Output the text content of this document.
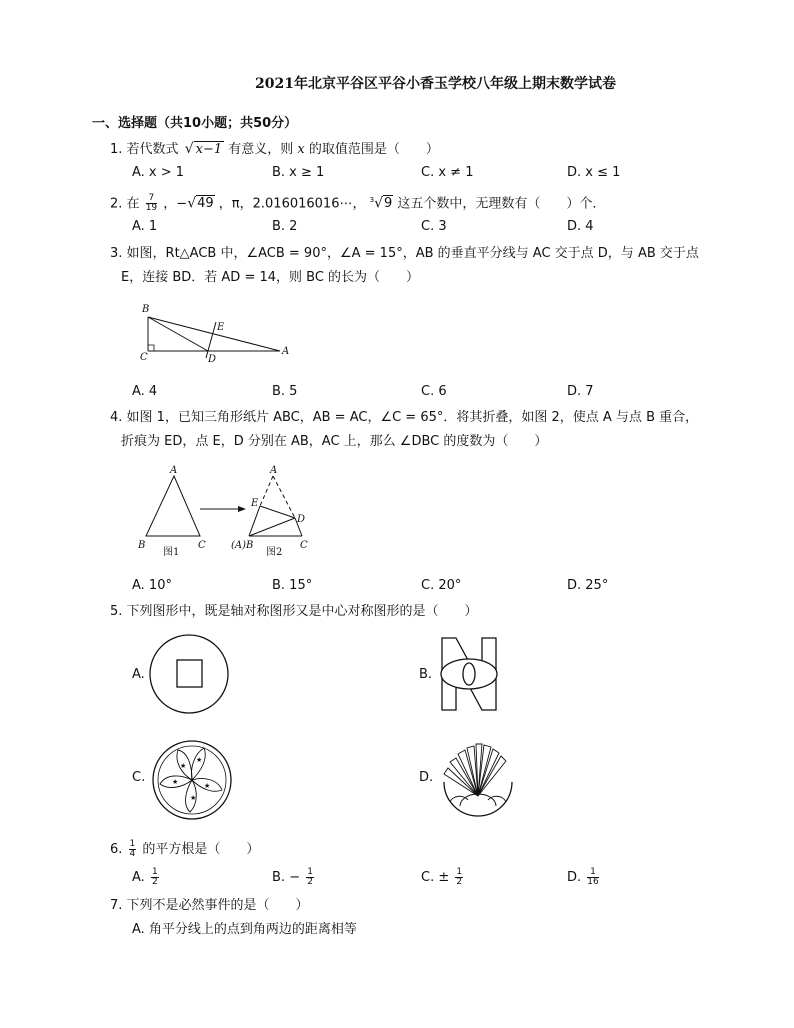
2021年北京平谷区平谷小香玉学校八年级上期末数学试卷
一、选择题（共10小题；共50分）
1. 若代数式 √ x−1 有意义，则 x 的取值范围是（　　）
A. x > 1	B. x ≥ 1	C. x ≠ 1	D. x ≤ 1
2. 在 $\frac{7}{19}$ ，−√49 ，π，2.016016016⋯， $^3$√9 这五个数中，无理数有（　　）个．
A. 1	B. 2	C. 3	D. 4
3. 如图，Rt△ACB 中，∠ACB = 90°，∠A = 15°，AB 的垂直平分线与 AC 交于点 D，与 AB 交于点
E，连接 BD．若 AD = 14，则 BC 的长为（　　）
B
C	D
E
A
A. 4	B. 5	C. 6	D. 7
4. 如图 1，已知三角形纸片 ABC，AB = AC，∠C = 65°．将其折叠，如图 2，使点 A 与点 B 重合，
折痕为 ED，点 E，D 分别在 AB，AC 上，那么 ∠DBC 的度数为（　　）
A
B	C
图1
A
E
D
(A)B	C
图2
A. 10°	B. 15°	C. 20°	D. 25°
5. 下列图形中，既是轴对称图形又是中心对称图形的是（　　）
A.	B.
C.
★
★
★
★
★
D.
6. $\frac{1}{4}$ 的平方根是（　　）
A. $\frac{1}{2}$	B. − $\frac{1}{2}$	C. ± $\frac{1}{2}$	D. $\frac{1}{16}$
7. 下列不是必然事件的是（　　）
A. 角平分线上的点到角两边的距离相等
